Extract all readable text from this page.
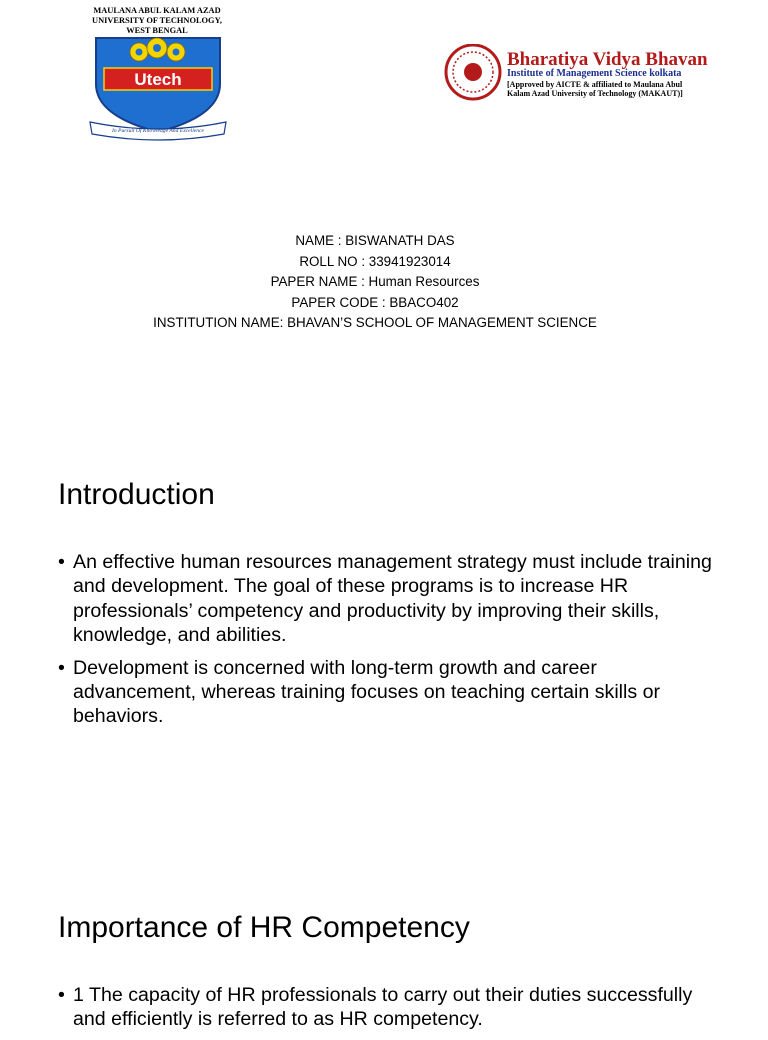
MAULANA ABUL KALAM AZAD
UNIVERSITY OF TECHNOLOGY,
WEST BENGAL
Utech
In Pursuit Of Knowledge And Excellence
Bharatiya Vidya Bhavan
Institute of Management Science kolkata
[Approved by AICTE & affiliated to Maulana Abul
Kalam Azad University of Technology (MAKAUT)]
NAME : BISWANATH DAS
ROLL NO : 33941923014
PAPER NAME : Human Resources
PAPER CODE : BBACO402
INSTITUTION NAME: BHAVAN’S SCHOOL OF MANAGEMENT SCIENCE
Introduction
• An effective human resources management strategy must include training and development. The goal of these programs is to increase HR professionals’ competency and productivity by improving their skills, knowledge, and abilities.
• Development is concerned with long-term growth and career advancement, whereas training focuses on teaching certain skills or behaviors.
Importance of HR Competency
• 1 The capacity of HR professionals to carry out their duties successfully and efficiently is referred to as HR competency.
